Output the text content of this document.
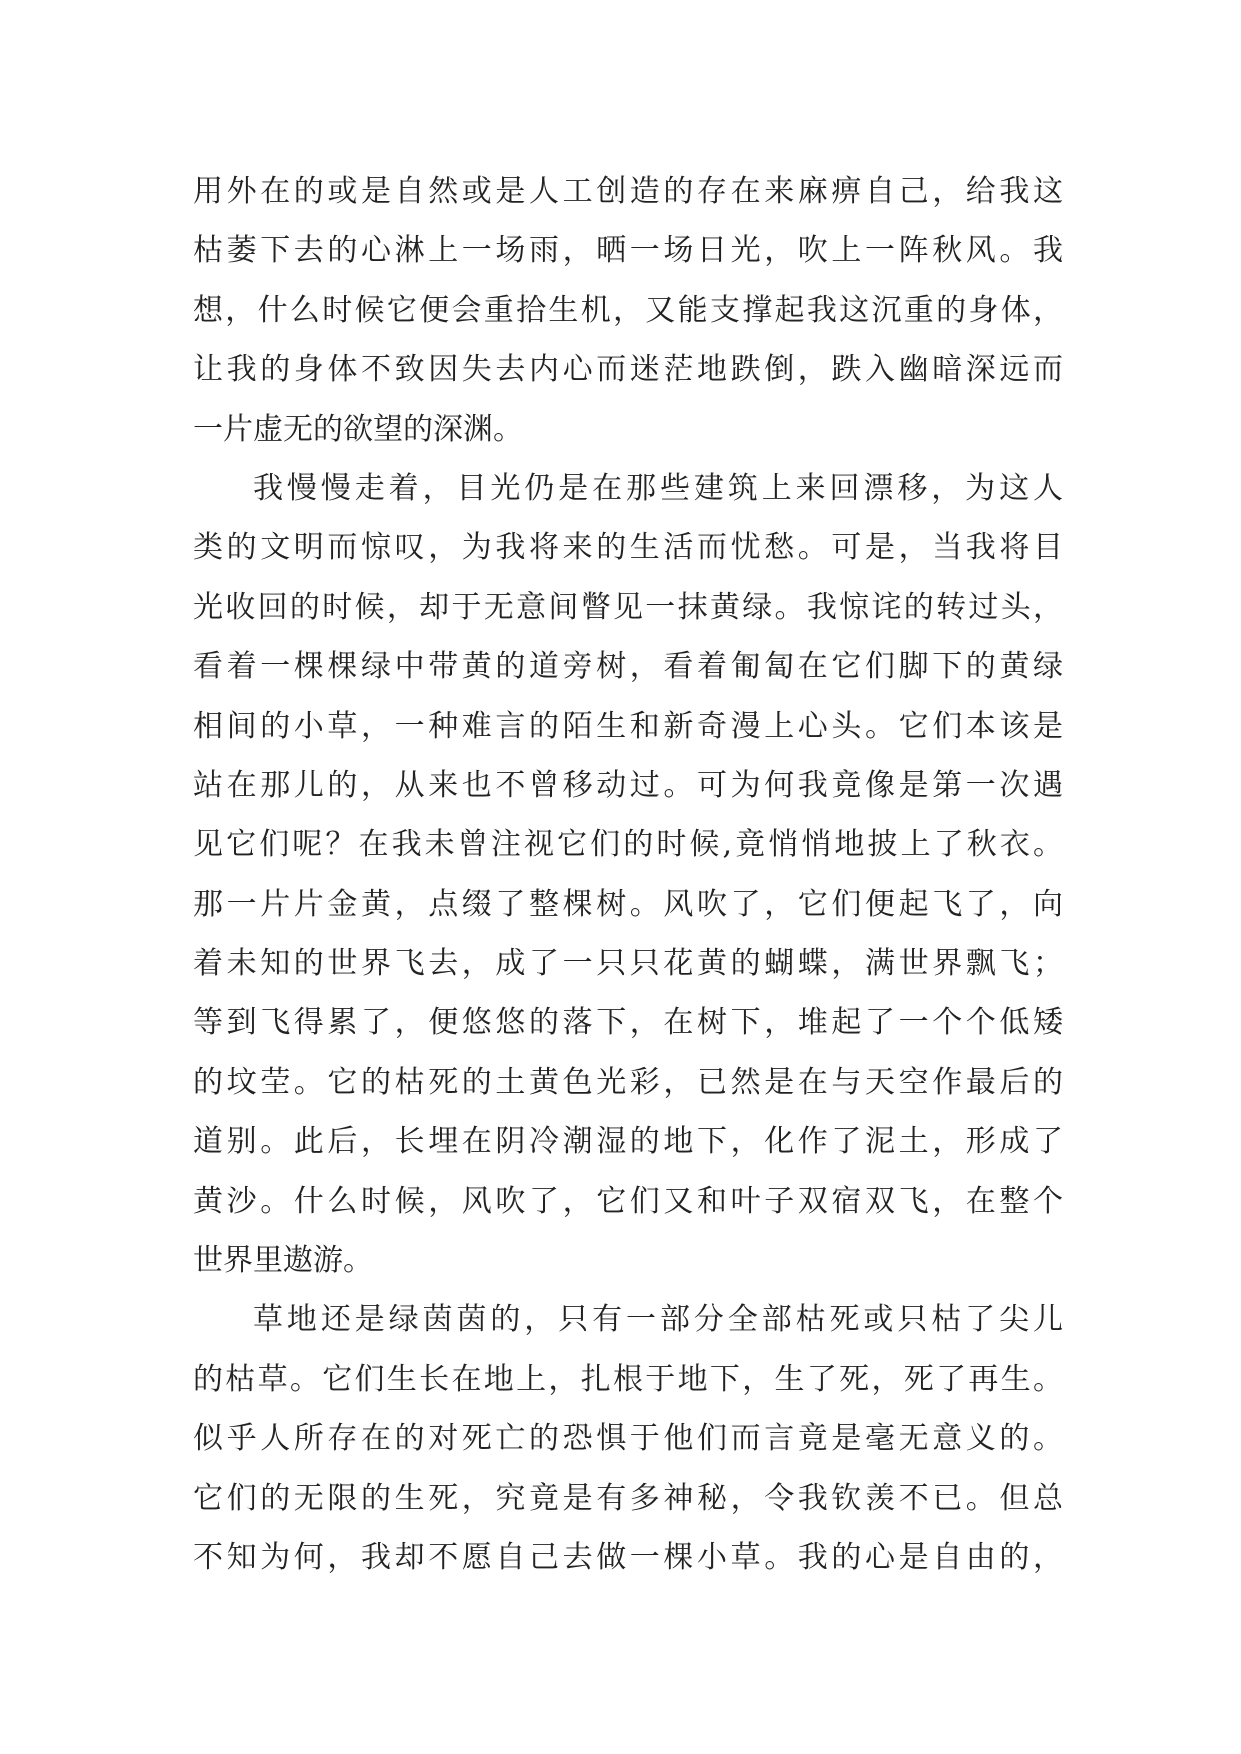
用外在的或是自然或是人工创造的存在来麻痹自己，给我这
枯萎下去的心淋上一场雨，晒一场日光，吹上一阵秋风。我
想，什么时候它便会重拾生机，又能支撑起我这沉重的身体，
让我的身体不致因失去内心而迷茫地跌倒，跌入幽暗深远而
一片虚无的欲望的深渊。
我慢慢走着，目光仍是在那些建筑上来回漂移，为这人
类的文明而惊叹，为我将来的生活而忧愁。可是，当我将目
光收回的时候，却于无意间瞥见一抹黄绿。我惊诧的转过头，
看着一棵棵绿中带黄的道旁树，看着匍匐在它们脚下的黄绿
相间的小草，一种难言的陌生和新奇漫上心头。它们本该是
站在那儿的，从来也不曾移动过。可为何我竟像是第一次遇
见它们呢？在我未曾注视它们的时候,竟悄悄地披上了秋衣。
那一片片金黄，点缀了整棵树。风吹了，它们便起飞了，向
着未知的世界飞去，成了一只只花黄的蝴蝶，满世界飘飞；
等到飞得累了，便悠悠的落下，在树下，堆起了一个个低矮
的坟茔。它的枯死的土黄色光彩，已然是在与天空作最后的
道别。此后，长埋在阴冷潮湿的地下，化作了泥土，形成了
黄沙。什么时候，风吹了，它们又和叶子双宿双飞，在整个
世界里遨游。
草地还是绿茵茵的，只有一部分全部枯死或只枯了尖儿
的枯草。它们生长在地上，扎根于地下，生了死，死了再生。
似乎人所存在的对死亡的恐惧于他们而言竟是毫无意义的。
它们的无限的生死，究竟是有多神秘，令我钦羡不已。但总
不知为何，我却不愿自己去做一棵小草。我的心是自由的，
